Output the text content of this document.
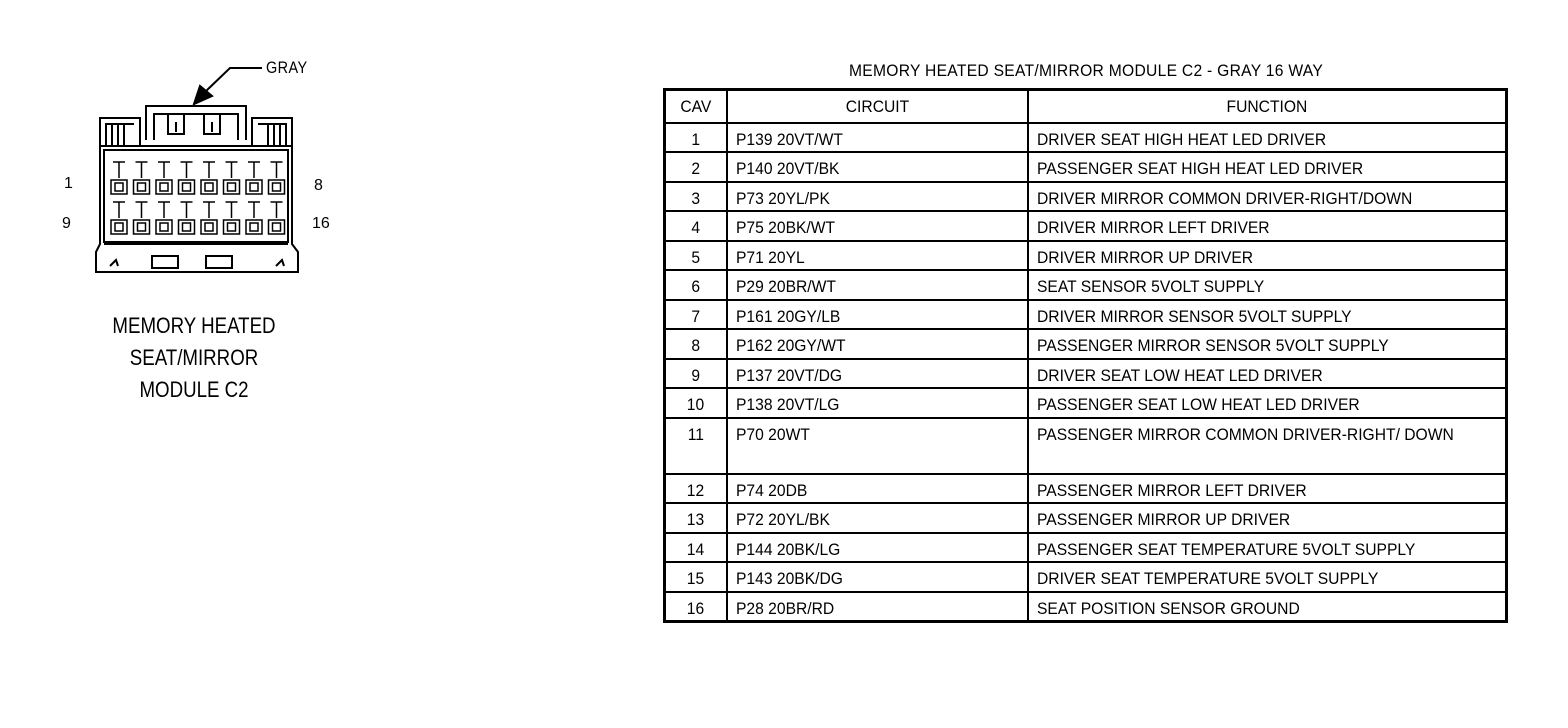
GRAY
1	8
9	16
MEMORY HEATED
SEAT/MIRROR
MODULE C2
MEMORY HEATED SEAT/MIRROR MODULE C2 - GRAY 16 WAY
CAV	CIRCUIT	FUNCTION
1	P139 20VT/WT	DRIVER SEAT HIGH HEAT LED DRIVER
2	P140 20VT/BK	PASSENGER SEAT HIGH HEAT LED DRIVER
3	P73 20YL/PK	DRIVER MIRROR COMMON DRIVER-RIGHT/DOWN
4	P75 20BK/WT	DRIVER MIRROR LEFT DRIVER
5	P71 20YL	DRIVER MIRROR UP DRIVER
6	P29 20BR/WT	SEAT SENSOR 5VOLT SUPPLY
7	P161 20GY/LB	DRIVER MIRROR SENSOR 5VOLT SUPPLY
8	P162 20GY/WT	PASSENGER MIRROR SENSOR 5VOLT SUPPLY
9	P137 20VT/DG	DRIVER SEAT LOW HEAT LED DRIVER
10	P138 20VT/LG	PASSENGER SEAT LOW HEAT LED DRIVER
11	P70 20WT	PASSENGER MIRROR COMMON DRIVER-RIGHT/ DOWN
12	P74 20DB	PASSENGER MIRROR LEFT DRIVER
13	P72 20YL/BK	PASSENGER MIRROR UP DRIVER
14	P144 20BK/LG	PASSENGER SEAT TEMPERATURE 5VOLT SUPPLY
15	P143 20BK/DG	DRIVER SEAT TEMPERATURE 5VOLT SUPPLY
16	P28 20BR/RD	SEAT POSITION SENSOR GROUND
